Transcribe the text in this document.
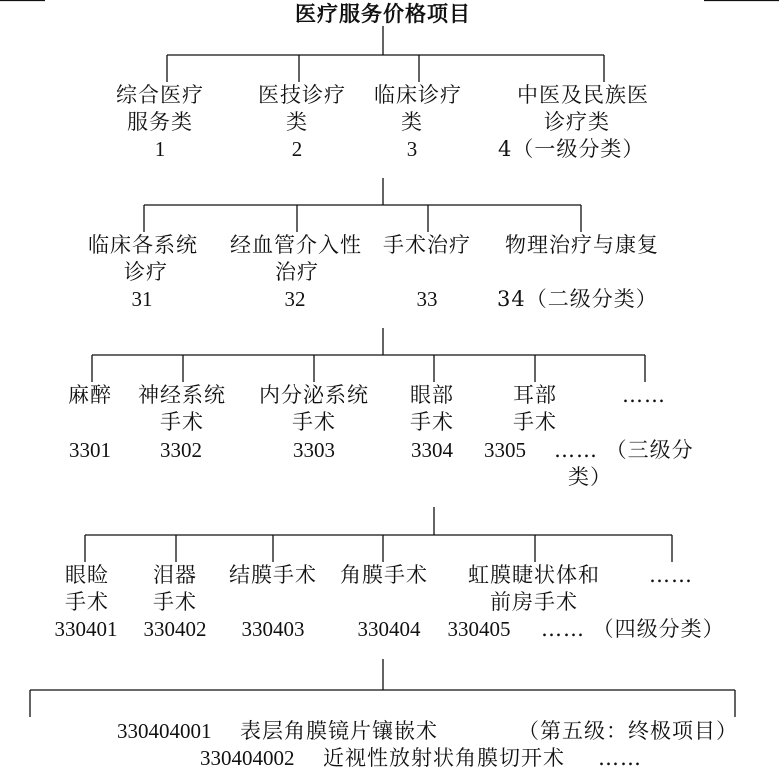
医疗服务价格项目
综合医疗
服务类
1
医技诊疗
类
2
临床诊疗
类
3
中医及民族医
诊疗类
4（一级分类）
临床各系统
诊疗
31
经血管介入性
治疗
32
手术治疗
33
物理治疗与康复
34（二级分类）
麻醉
3301
神经系统
手术
3302
内分泌系统
手术
3303
眼部
手术
3304
耳部
手术
3305
……
…… （三级分
类）
眼睑
手术
330401
泪器
手术
330402
结膜手术
330403
角膜手术
330404
虹膜睫状体和
前房手术
330405
……
…… （四级分类）
330404001 表层角膜镜片镶嵌术	（第五级：终极项目）
330404002 近视性放射状角膜切开术 ……
